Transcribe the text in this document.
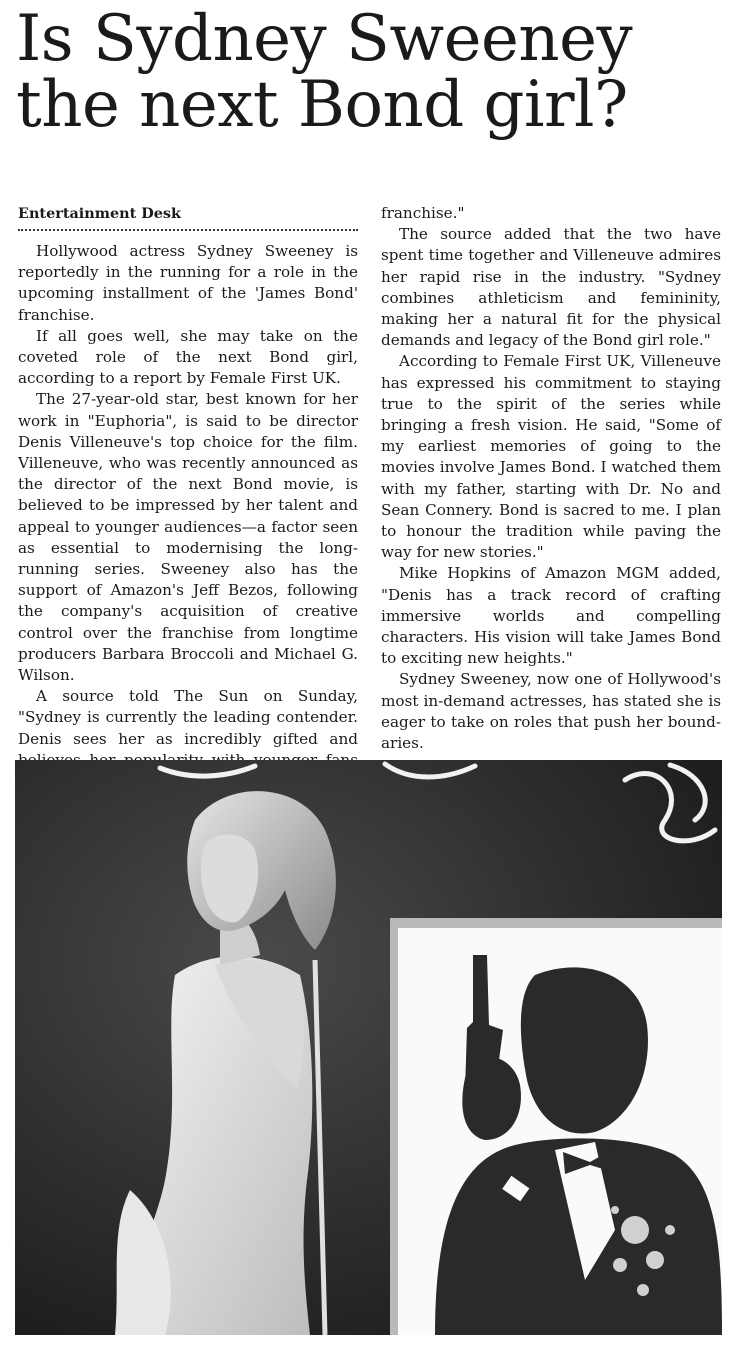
Is Sydney Sweeney the next Bond girl?
Entertainment Desk

Hollywood actress Sydney Sweeney is reportedly in the running for a role in the upcoming installment of the 'James Bond' franchise.

If all goes well, she may take on the coveted role of the next Bond girl, according to a report by Female First UK.

The 27-year-old star, best known for her work in "Euphoria", is said to be director Denis Villeneuve's top choice for the film. Villeneuve, who was recently announced as the director of the next Bond movie, is believed to be impressed by her talent and appeal to younger audiences—a factor seen as essential to modernising the long-running series. Sweeney also has the support of Amazon's Jeff Bezos, following the company's acquisition of creative control over the franchise from longtime producers Barbara Broccoli and Michael G. Wilson.

A source told The Sun on Sunday, "Sydney is currently the leading contender. Denis sees her as incredibly gifted and

franchise."

The source added that the two have spent time together and Villeneuve admires her rapid rise in the industry. "Sydney combines athleticism and femininity, making her a natural fit for the physical demands and legacy of the Bond girl role."

According to Female First UK, Villeneuve has expressed his commitment to staying true to the spirit of the series while bringing a fresh vision. He said, "Some of my earliest memories of going to the movies involve James Bond. I watched them with my father, starting with Dr. No and Sean Connery. Bond is sacred to me. I plan to honour the tradition while paving the way for new stories."

Mike Hopkins of Amazon MGM added, "Denis has a track record of crafting immersive worlds and compelling characters. His vision will take James Bond to exciting new heights."

Sydney Sweeney, now one of Hollywood's most in-demand actresses, has stated she is eager to take on roles that push her boundaries.
